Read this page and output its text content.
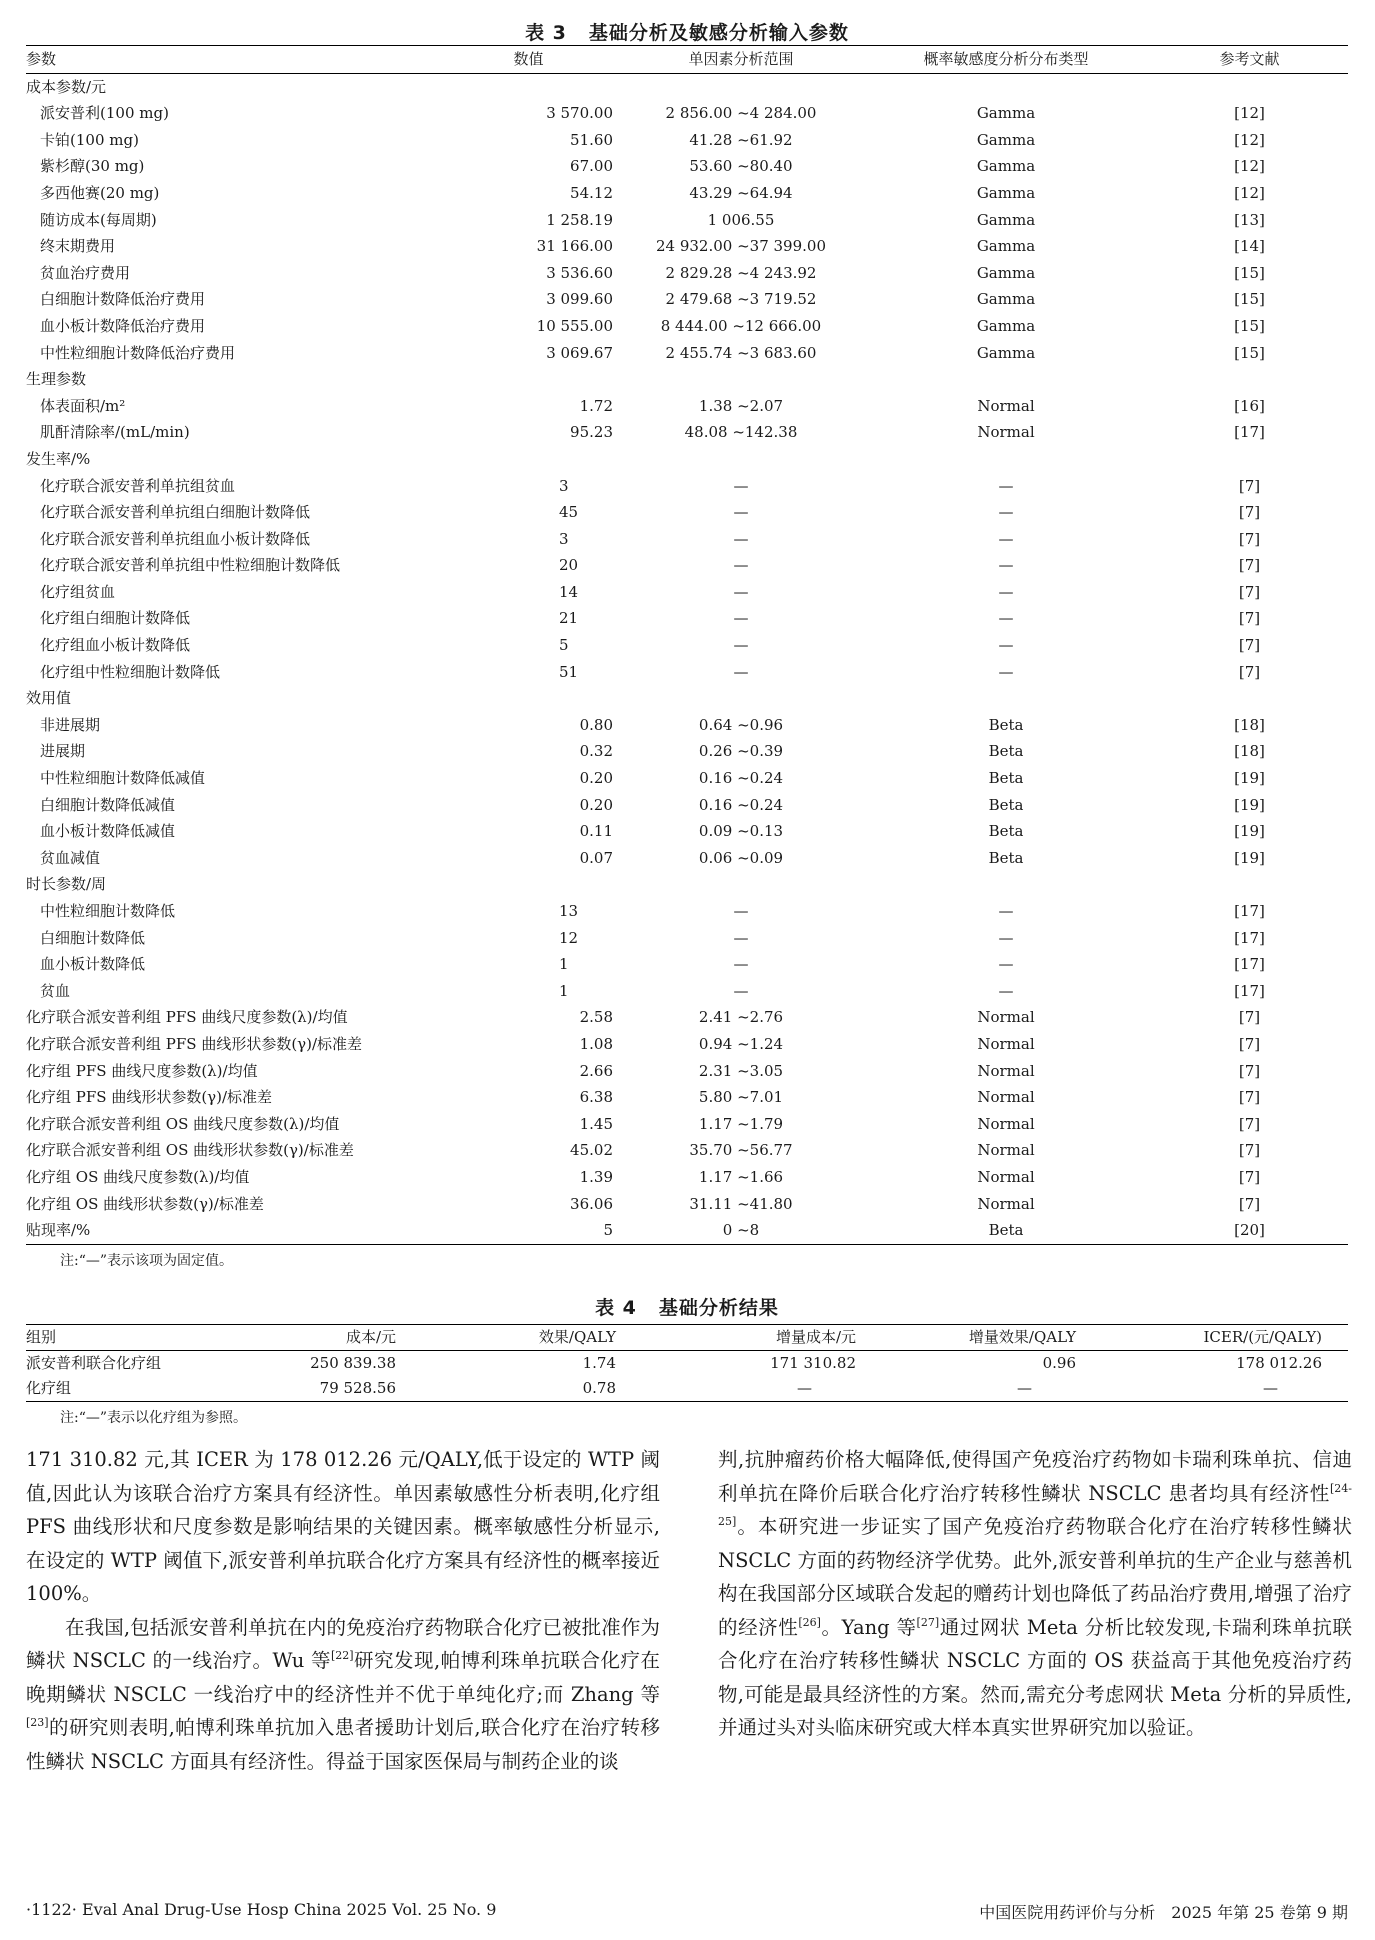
表 3 基础分析及敏感分析输入参数
参数	数值	单因素分析范围	概率敏感度分析分布类型	参考文献
成本参数/元				
派安普利(100 mg)	3 570.00	2 856.00 ~4 284.00	Gamma	[12]
卡铂(100 mg)	51.60	41.28 ~61.92	Gamma	[12]
紫杉醇(30 mg)	67.00	53.60 ~80.40	Gamma	[12]
多西他赛(20 mg)	54.12	43.29 ~64.94	Gamma	[12]
随访成本(每周期)	1 258.19	1 006.55	Gamma	[13]
终末期费用	31 166.00	24 932.00 ~37 399.00	Gamma	[14]
贫血治疗费用	3 536.60	2 829.28 ~4 243.92	Gamma	[15]
白细胞计数降低治疗费用	3 099.60	2 479.68 ~3 719.52	Gamma	[15]
血小板计数降低治疗费用	10 555.00	8 444.00 ~12 666.00	Gamma	[15]
中性粒细胞计数降低治疗费用	3 069.67	2 455.74 ~3 683.60	Gamma	[15]
生理参数				
体表面积/m²	1.72	1.38 ~2.07	Normal	[16]
肌酐清除率/(mL/min)	95.23	48.08 ~142.38	Normal	[17]
发生率/%				
化疗联合派安普利单抗组贫血	3	—	—	[7]
化疗联合派安普利单抗组白细胞计数降低	45	—	—	[7]
化疗联合派安普利单抗组血小板计数降低	3	—	—	[7]
化疗联合派安普利单抗组中性粒细胞计数降低	20	—	—	[7]
化疗组贫血	14	—	—	[7]
化疗组白细胞计数降低	21	—	—	[7]
化疗组血小板计数降低	5	—	—	[7]
化疗组中性粒细胞计数降低	51	—	—	[7]
效用值				
非进展期	0.80	0.64 ~0.96	Beta	[18]
进展期	0.32	0.26 ~0.39	Beta	[18]
中性粒细胞计数降低减值	0.20	0.16 ~0.24	Beta	[19]
白细胞计数降低减值	0.20	0.16 ~0.24	Beta	[19]
血小板计数降低减值	0.11	0.09 ~0.13	Beta	[19]
贫血减值	0.07	0.06 ~0.09	Beta	[19]
时长参数/周				
中性粒细胞计数降低	13	—	—	[17]
白细胞计数降低	12	—	—	[17]
血小板计数降低	1	—	—	[17]
贫血	1	—	—	[17]
化疗联合派安普利组 PFS 曲线尺度参数(λ)/均值	2.58	2.41 ~2.76	Normal	[7]
化疗联合派安普利组 PFS 曲线形状参数(γ)/标准差	1.08	0.94 ~1.24	Normal	[7]
化疗组 PFS 曲线尺度参数(λ)/均值	2.66	2.31 ~3.05	Normal	[7]
化疗组 PFS 曲线形状参数(γ)/标准差	6.38	5.80 ~7.01	Normal	[7]
化疗联合派安普利组 OS 曲线尺度参数(λ)/均值	1.45	1.17 ~1.79	Normal	[7]
化疗联合派安普利组 OS 曲线形状参数(γ)/标准差	45.02	35.70 ~56.77	Normal	[7]
化疗组 OS 曲线尺度参数(λ)/均值	1.39	1.17 ~1.66	Normal	[7]
化疗组 OS 曲线形状参数(γ)/标准差	36.06	31.11 ~41.80	Normal	[7]
贴现率/%	5	0 ~8	Beta	[20]
注:“—”表示该项为固定值。
表 4 基础分析结果
组别	成本/元	效果/QALY	增量成本/元	增量效果/QALY	ICER/(元/QALY)
派安普利联合化疗组	250 839.38	1.74	171 310.82	0.96	178 012.26
化疗组	79 528.56	0.78	—	—	—
注:“—”表示以化疗组为参照。

171 310.82 元,其 ICER 为 178 012.26 元/QALY,低于设定的 WTP 阈值,因此认为该联合治疗方案具有经济性。单因素敏感性分析表明,化疗组 PFS 曲线形状和尺度参数是影响结果的关键因素。概率敏感性分析显示,在设定的 WTP 阈值下,派安普利单抗联合化疗方案具有经济性的概率接近 100%。

在我国,包括派安普利单抗在内的免疫治疗药物联合化疗已被批准作为鳞状 NSCLC 的一线治疗。Wu 等[22]研究发现,帕博利珠单抗联合化疗在晚期鳞状 NSCLC 一线治疗中的经济性并不优于单纯化疗;而 Zhang 等[23]的研究则表明,帕博利珠单抗加入患者援助计划后,联合化疗在治疗转移性鳞状 NSCLC 方面具有经济性。得益于国家医保局与制药企业的谈

判,抗肿瘤药价格大幅降低,使得国产免疫治疗药物如卡瑞利珠单抗、信迪利单抗在降价后联合化疗治疗转移性鳞状 NSCLC 患者均具有经济性[24-25]。本研究进一步证实了国产免疫治疗药物联合化疗在治疗转移性鳞状 NSCLC 方面的药物经济学优势。此外,派安普利单抗的生产企业与慈善机构在我国部分区域联合发起的赠药计划也降低了药品治疗费用,增强了治疗的经济性[26]。Yang 等[27]通过网状 Meta 分析比较发现,卡瑞利珠单抗联合化疗在治疗转移性鳞状 NSCLC 方面的 OS 获益高于其他免疫治疗药物,可能是最具经济性的方案。然而,需充分考虑网状 Meta 分析的异质性,并通过头对头临床研究或大样本真实世界研究加以验证。

·1122· Eval Anal Drug-Use Hosp China 2025 Vol. 25 No. 9	中国医院用药评价与分析　2025 年第 25 卷第 9 期
